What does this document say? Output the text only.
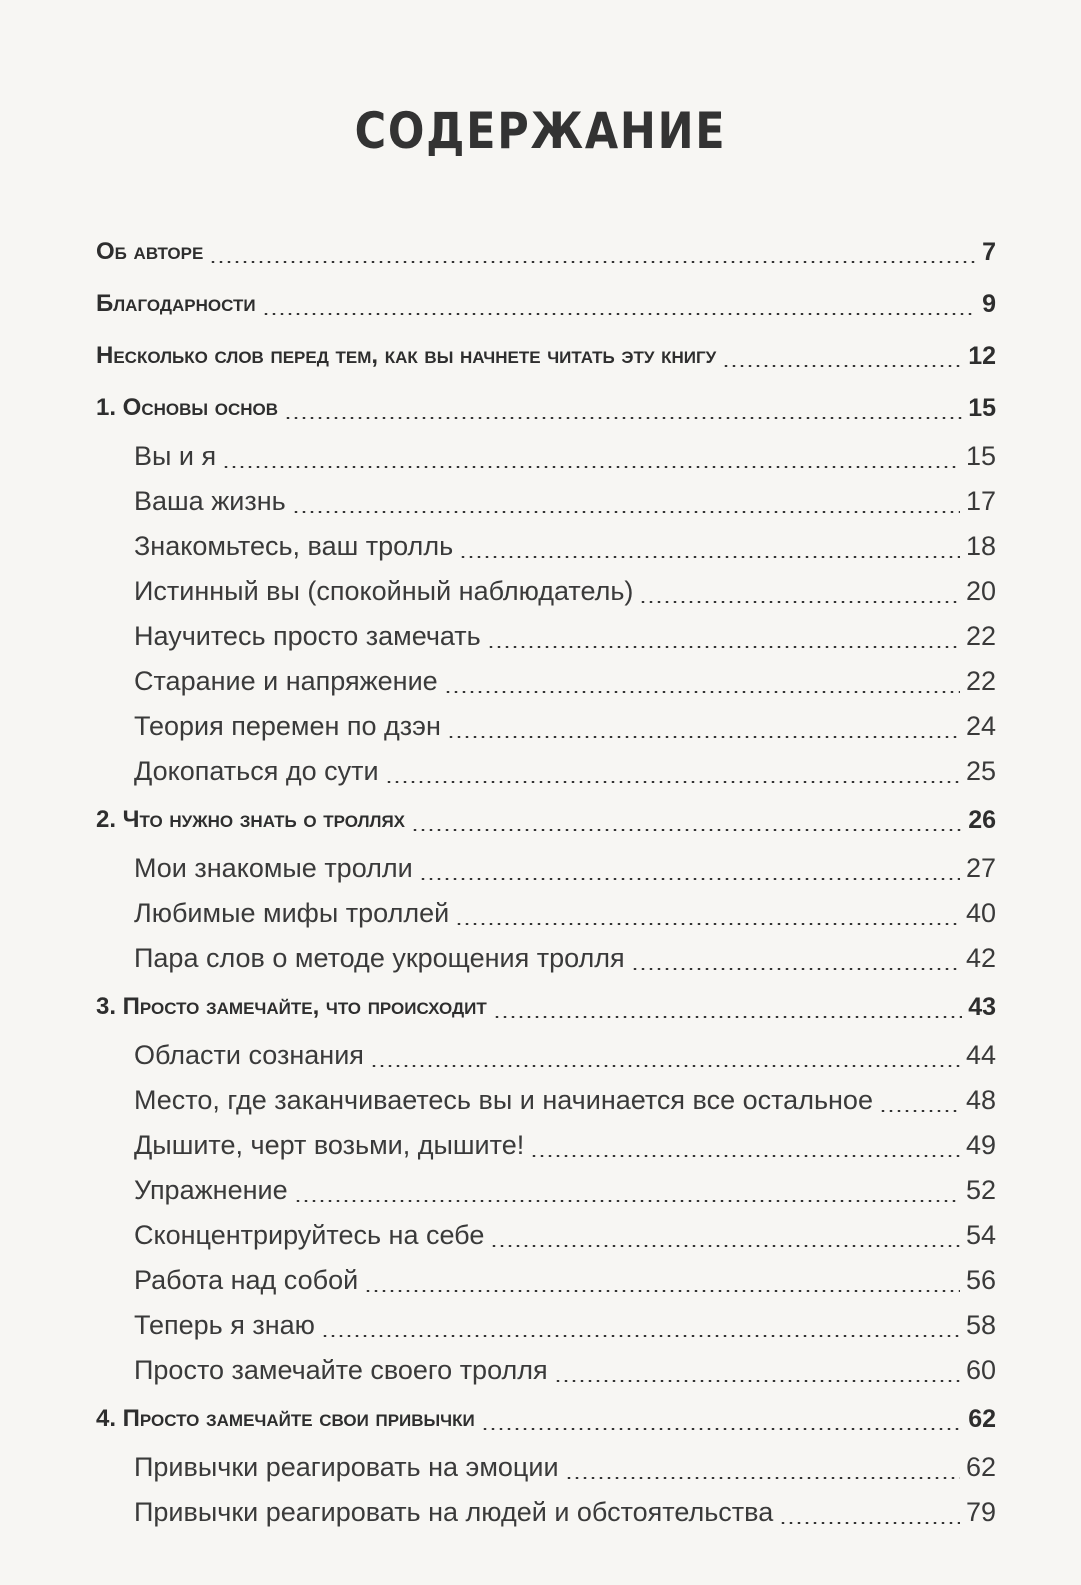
СОДЕРЖАНИЕ
Об авторе	7
Благодарности	9
Несколько слов перед тем, как вы начнете читать эту книгу	12
1. Основы основ	15
Вы и я	15
Ваша жизнь	17
Знакомьтесь, ваш тролль	18
Истинный вы (спокойный наблюдатель)	20
Научитесь просто замечать	22
Старание и напряжение	22
Теория перемен по дзэн	24
Докопаться до сути	25
2. Что нужно знать о троллях	26
Мои знакомые тролли	27
Любимые мифы троллей	40
Пара слов о методе укрощения тролля	42
3. Просто замечайте, что происходит	43
Области сознания	44
Место, где заканчиваетесь вы и начинается все остальное	48
Дышите, черт возьми, дышите!	49
Упражнение	52
Сконцентрируйтесь на себе	54
Работа над собой	56
Теперь я знаю	58
Просто замечайте своего тролля	60
4. Просто замечайте свои привычки	62
Привычки реагировать на эмоции	62
Привычки реагировать на людей и обстоятельства	79
